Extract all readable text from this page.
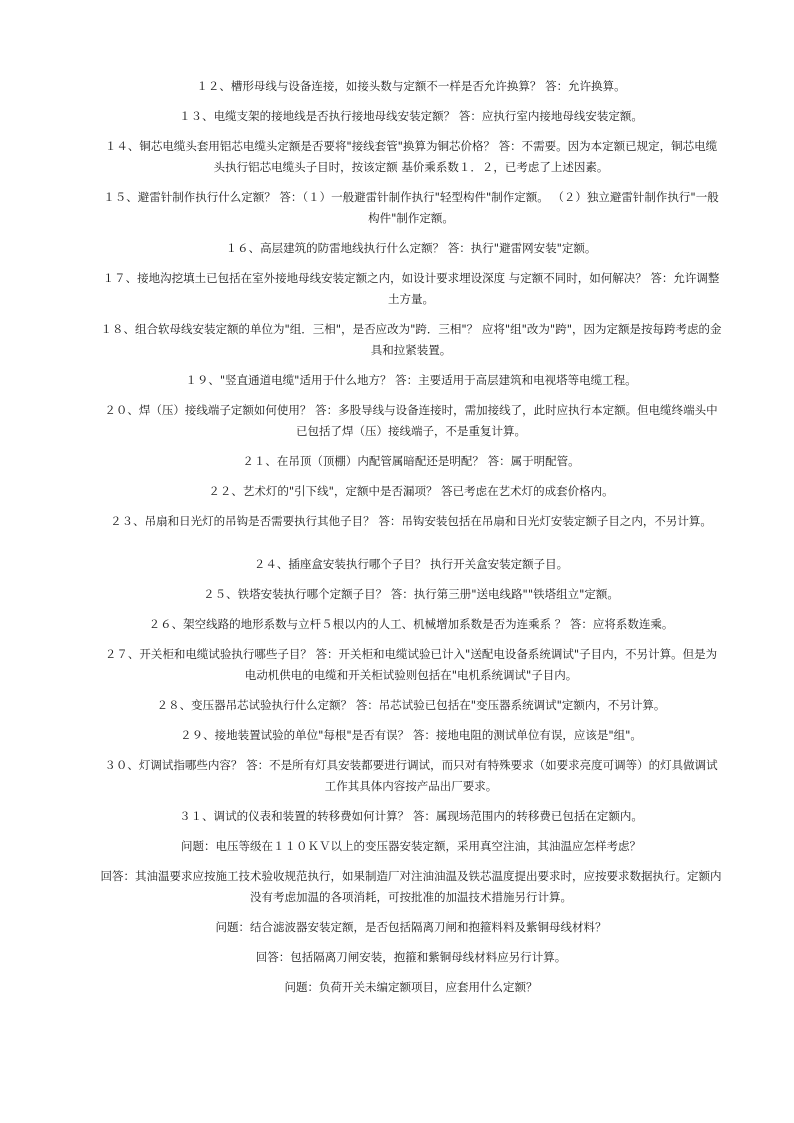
１２、槽形母线与设备连接，如接头数与定额不一样是否允许换算？ 答：允许换算。

１３、电缆支架的接地线是否执行接地母线安装定额？ 答：应执行室内接地母线安装定额。

１４、铜芯电缆头套用铝芯电缆头定额是否要将"接线套管"换算为铜芯价格？ 答：不需要。因为本定额已规定，铜芯电缆头执行铝芯电缆头子目时，按该定额 基价乘系数１．２，已考虑了上述因素。

１５、避雷针制作执行什么定额？ 答：（１）一般避雷针制作执行"轻型构件"制作定额。 （２）独立避雷针制作执行"一般构件"制作定额。

１６、高层建筑的防雷地线执行什么定额？ 答：执行"避雷网安装"定额。

１７、接地沟挖填土已包括在室外接地母线安装定额之内，如设计要求埋设深度 与定额不同时，如何解决？ 答：允许调整土方量。

１８、组合软母线安装定额的单位为"组．三相"，是否应改为"跨．三相"？ 应将"组"改为"跨"，因为定额是按每跨考虑的金具和拉紧装置。

１９、"竖直通道电缆"适用于什么地方？ 答：主要适用于高层建筑和电视塔等电缆工程。

２０、焊（压）接线端子定额如何使用？ 答：多股导线与设备连接时，需加接线了，此时应执行本定额。但电缆终端头中 已包括了焊（压）接线端子，不是重复计算。

２１、在吊顶（顶棚）内配管属暗配还是明配？ 答：属于明配管。

２２、艺术灯的"引下线"，定额中是否漏项？ 答已考虑在艺术灯的成套价格内。

２３、吊扇和日光灯的吊钩是否需要执行其他子目？ 答：吊钩安装包括在吊扇和日光灯安装定额子目之内，不另计算。

２４、插座盒安装执行哪个子目？ 执行开关盒安装定额子目。

２５、铁塔安装执行哪个定额子目？ 答：执行第三册"送电线路""铁塔组立"定额。

２６、架空线路的地形系数与立杆５根以内的人工、机械增加系数是否为连乘系 ？ 答：应将系数连乘。

２７、开关柜和电缆试验执行哪些子目？ 答：开关柜和电缆试验已计入"送配电设备系统调试"子目内，不另计算。但是为电动机供电的电缆和开关柜试验则包括在"电机系统调试"子目内。

２８、变压器吊芯试验执行什么定额？ 答：吊芯试验已包括在"变压器系统调试"定额内，不另计算。

２９、接地装置试验的单位"每根"是否有误？ 答：接地电阻的测试单位有误，应该是"组"。

３０、灯调试指哪些内容？ 答：不是所有灯具安装都要进行调试，而只对有特殊要求（如要求亮度可调等）的灯具做调试工作其具体内容按产品出厂要求。

３１、调试的仪表和装置的转移费如何计算？ 答：属现场范围内的转移费已包括在定额内。

问题：电压等级在１１０ＫＶ以上的变压器安装定额，采用真空注油，其油温应怎样考虑？

回答：其油温要求应按施工技术验收规范执行，如果制造厂对注油油温及铁芯温度提出要求时，应按要求数据执行。定额内没有考虑加温的各项消耗，可按批准的加温技术措施另行计算。

问题：结合滤波器安装定额，是否包括隔离刀闸和抱箍料料及紫铜母线材料？

回答：包括隔离刀闸安装，抱箍和紫铜母线材料应另行计算。

问题：负荷开关未编定额项目，应套用什么定额？
